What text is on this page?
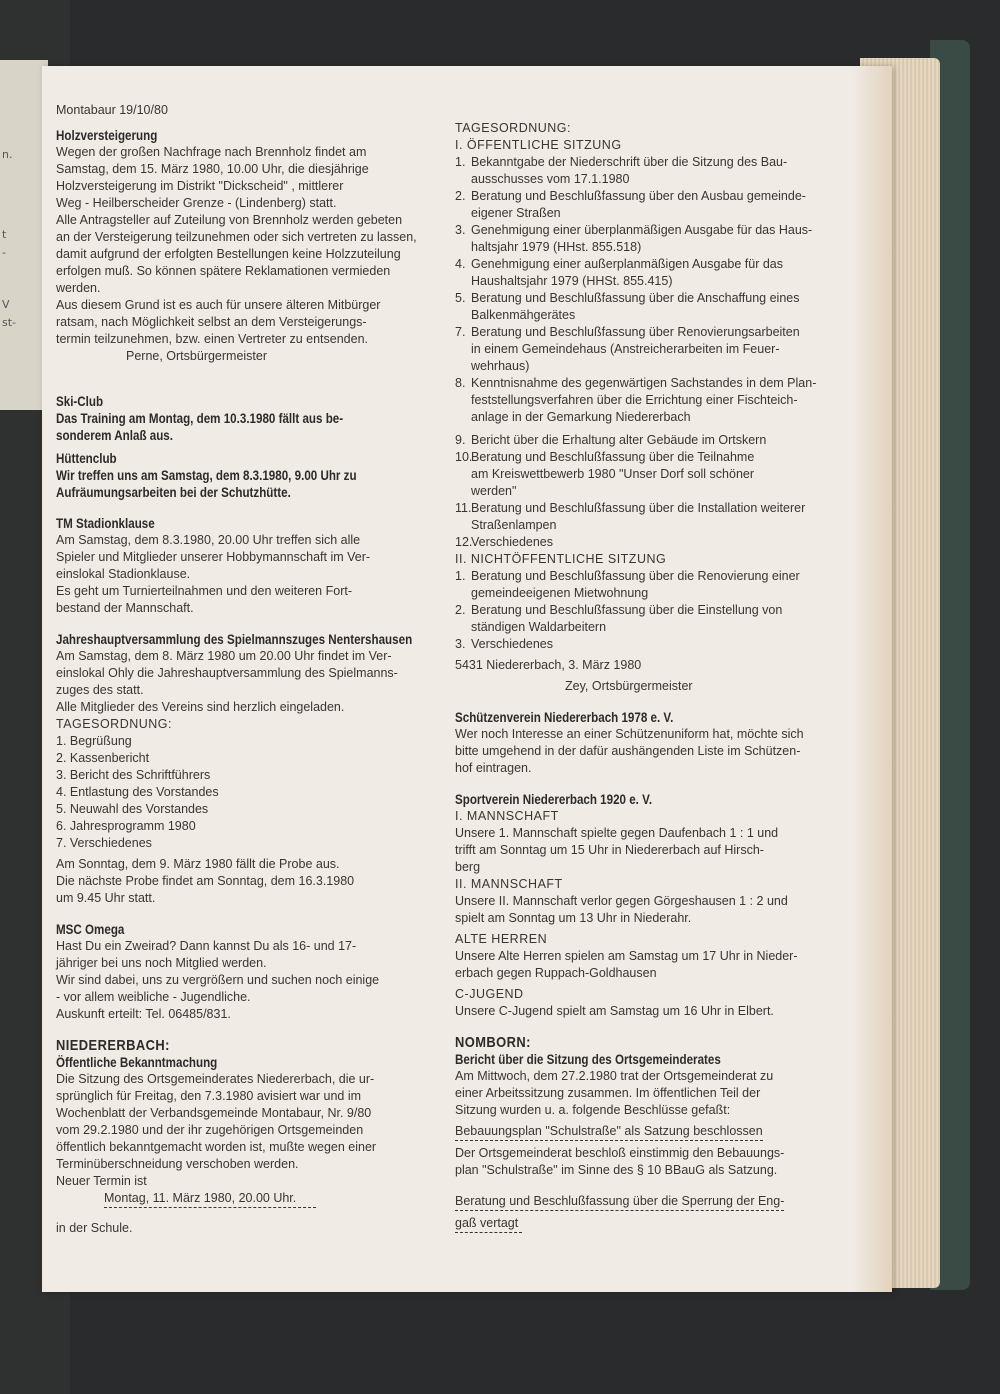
n.
t
-
V
st-

Montabaur 19/10/80

Holzversteigerung

Wegen der großen Nachfrage nach Brennholz findet am

Samstag, dem 15. März 1980, 10.00 Uhr, die diesjährige

Holzversteigerung im Distrikt "Dickscheid" , mittlerer

Weg - Heilberscheider Grenze - (Lindenberg) statt.

Alle Antragsteller auf Zuteilung von Brennholz werden gebeten

an der Versteigerung teilzunehmen oder sich vertreten zu lassen,

damit aufgrund der erfolgten Bestellungen keine Holzzuteilung

erfolgen muß. So können spätere Reklamationen vermieden

werden.

Aus diesem Grund ist es auch für unsere älteren Mitbürger

ratsam, nach Möglichkeit selbst an dem Versteigerungs-

termin teilzunehmen, bzw. einen Vertreter zu entsenden.

Perne, Ortsbürgermeister

Ski-Club

Das Training am Montag, dem 10.3.1980 fällt aus be-

sonderem Anlaß aus.

Hüttenclub

Wir treffen uns am Samstag, dem 8.3.1980, 9.00 Uhr zu

Aufräumungsarbeiten bei der Schutzhütte.

TM Stadionklause

Am Samstag, dem 8.3.1980, 20.00 Uhr treffen sich alle

Spieler und Mitglieder unserer Hobbymannschaft im Ver-

einslokal Stadionklause.

Es geht um Turnierteilnahmen und den weiteren Fort-

bestand der Mannschaft.

Jahreshauptversammlung des Spielmannszuges Nentershausen

Am Samstag, dem 8. März 1980 um 20.00 Uhr findet im Ver-

einslokal Ohly die Jahreshauptversammlung des Spielmanns-

zuges des statt.

Alle Mitglieder des Vereins sind herzlich eingeladen.

TAGESORDNUNG:

1. Begrüßung
2. Kassenbericht
3. Bericht des Schriftführers
4. Entlastung des Vorstandes
5. Neuwahl des Vorstandes
6. Jahresprogramm 1980
7. Verschiedenes

Am Sonntag, dem 9. März 1980 fällt die Probe aus.

Die nächste Probe findet am Sonntag, dem 16.3.1980

um 9.45 Uhr statt.

MSC Omega

Hast Du ein Zweirad? Dann kannst Du als 16- und 17-

jähriger bei uns noch Mitglied werden.

Wir sind dabei, uns zu vergrößern und suchen noch einige

- vor allem weibliche - Jugendliche.

Auskunft erteilt: Tel. 06485/831.

NIEDERERBACH:

Öffentliche Bekanntmachung

Die Sitzung des Ortsgemeinderates Niedererbach, die ur-

sprünglich für Freitag, den 7.3.1980 avisiert war und im

Wochenblatt der Verbandsgemeinde Montabaur, Nr. 9/80

vom 29.2.1980 und der ihr zugehörigen Ortsgemeinden

öffentlich bekanntgemacht worden ist, mußte wegen einer

Terminüberschneidung verschoben werden.

Neuer Termin ist

Montag, 11. März 1980, 20.00 Uhr.

in der Schule.

TAGESORDNUNG:

I. ÖFFENTLICHE SITZUNG

1. Bekanntgabe der Niederschrift über die Sitzung des Bau-

ausschusses vom 17.1.1980

2. Beratung und Beschlußfassung über den Ausbau gemeinde-

eigener Straßen

3. Genehmigung einer überplanmäßigen Ausgabe für das Haus-

haltsjahr 1979 (HHst. 855.518)

4. Genehmigung einer außerplanmäßigen Ausgabe für das

Haushaltsjahr 1979 (HHSt. 855.415)

5. Beratung und Beschlußfassung über die Anschaffung eines

Balkenmähgerätes

7. Beratung und Beschlußfassung über Renovierungsarbeiten

in einem Gemeindehaus (Anstreicherarbeiten im Feuer-

wehrhaus)

8. Kenntnisnahme des gegenwärtigen Sachstandes in dem Plan-

feststellungsverfahren über die Errichtung einer Fischteich-

anlage in der Gemarkung Niedererbach

9. Bericht über die Erhaltung alter Gebäude im Ortskern

10.Beratung und Beschlußfassung über die Teilnahme

am Kreiswettbewerb 1980 "Unser Dorf soll schöner

werden"

11.Beratung und Beschlußfassung über die Installation weiterer

Straßenlampen

12.Verschiedenes

II. NICHTÖFFENTLICHE SITZUNG

1. Beratung und Beschlußfassung über die Renovierung einer

gemeindeeigenen Mietwohnung

2. Beratung und Beschlußfassung über die Einstellung von

ständigen Waldarbeitern

3. Verschiedenes

5431 Niedererbach, 3. März 1980

Zey, Ortsbürgermeister

Schützenverein Niedererbach 1978 e. V.

Wer noch Interesse an einer Schützenuniform hat, möchte sich

bitte umgehend in der dafür aushängenden Liste im Schützen-

hof eintragen.

Sportverein Niedererbach 1920 e. V.

I. MANNSCHAFT

Unsere 1. Mannschaft spielte gegen Daufenbach 1 : 1 und

trifft am Sonntag um 15 Uhr in Niedererbach auf Hirsch-

berg

II. MANNSCHAFT

Unsere II. Mannschaft verlor gegen Görgeshausen 1 : 2 und

spielt am Sonntag um 13 Uhr in Niederahr.

ALTE HERREN

Unsere Alte Herren spielen am Samstag um 17 Uhr in Nieder-

erbach gegen Ruppach-Goldhausen

C-JUGEND

Unsere C-Jugend spielt am Samstag um 16 Uhr in Elbert.

NOMBORN:

Bericht über die Sitzung des Ortsgemeinderates

Am Mittwoch, dem 27.2.1980 trat der Ortsgemeinderat zu

einer Arbeitssitzung zusammen. Im öffentlichen Teil der

Sitzung wurden u. a. folgende Beschlüsse gefaßt:

Bebauungsplan "Schulstraße" als Satzung beschlossen

Der Ortsgemeinderat beschloß einstimmig den Bebauungs-

plan "Schulstraße" im Sinne des § 10 BBauG als Satzung.

Beratung und Beschlußfassung über die Sperrung der Eng-

gaß vertagt
